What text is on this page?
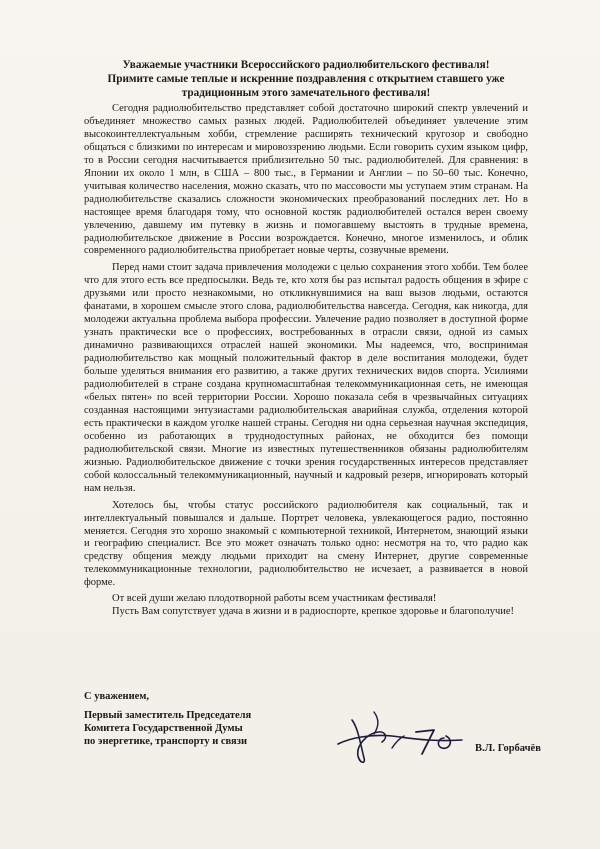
Уважаемые участники Всероссийского радиолюбительского фестиваля!
Примите самые теплые и искренние поздравления с открытием ставшего уже
традиционным этого замечательного фестиваля!

Сегодня радиолюбительство представляет собой достаточно широкий спектр увлечений и объединяет множество самых разных людей. Радиолюбителей объединяет увлечение этим высокоинтеллектуальным хобби, стремление расширять технический кругозор и свободно общаться с близкими по интересам и мировоззрению людьми. Если говорить сухим языком цифр, то в России сегодня насчитывается приблизительно 50 тыс. радиолюбителей. Для сравнения: в Японии их около 1 млн, в США – 800 тыс., в Германии и Англии – по 50–60 тыс. Конечно, учитывая количество населения, можно сказать, что по массовости мы уступаем этим странам. На радиолюбительстве сказались сложности экономических преобразований последних лет. Но в настоящее время благодаря тому, что основной костяк радиолюбителей остался верен своему увлечению, давшему им путевку в жизнь и помогавшему выстоять в трудные времена, радиолюбительское движение в России возрождается. Конечно, многое изменилось, и облик современного радиолюбительства приобретает новые черты, созвучные времени.

Перед нами стоит задача привлечения молодежи с целью сохранения этого хобби. Тем более что для этого есть все предпосылки. Ведь те, кто хотя бы раз испытал радость общения в эфире с друзьями или просто незнакомыми, но откликнувшимися на ваш вызов людьми, остаются фанатами, в хорошем смысле этого слова, радиолюбительства навсегда. Сегодня, как никогда, для молодежи актуальна проблема выбора профессии. Увлечение радио позволяет в доступной форме узнать практически все о профессиях, востребованных в отрасли связи, одной из самых динамично развивающихся отраслей нашей экономики. Мы надеемся, что, воспринимая радиолюбительство как мощный положительный фактор в деле воспитания молодежи, будет больше уделяться внимания его развитию, а также других технических видов спорта. Усилиями радиолюбителей в стране создана крупномасштабная телекоммуникационная сеть, не имеющая «белых пятен» по всей территории России. Хорошо показала себя в чрезвычайных ситуациях созданная настоящими энтузиастами радиолюбительская аварийная служба, отделения которой есть практически в каждом уголке нашей страны. Сегодня ни одна серьезная научная экспедиция, особенно из работающих в труднодоступных районах, не обходится без помощи радиолюбительской связи. Многие из известных путешественников обязаны радиолюбителям жизнью. Радиолюбительское движение с точки зрения государственных интересов представляет собой колоссальный телекоммуникационный, научный и кадровый резерв, игнорировать который нам нельзя.

Хотелось бы, чтобы статус российского радиолюбителя как социальный, так и интеллектуальный повышался и дальше. Портрет человека, увлекающегося радио, постоянно меняется. Сегодня это хорошо знакомый с компьютерной техникой, Интернетом, знающий языки и географию специалист. Все это может означать только одно: несмотря на то, что радио как средству общения между людьми приходит на смену Интернет, другие современные телекоммуникационные технологии, радиолюбительство не исчезает, а развивается в новой форме.

От всей души желаю плодотворной работы всем участникам фестиваля!

Пусть Вам сопутствует удача в жизни и в радиоспорте, крепкое здоровье и благополучие!

С уважением,
Первый заместитель Председателя
Комитета Государственной Думы
по энергетике, транспорту и связи
В.Л. Горбачёв
